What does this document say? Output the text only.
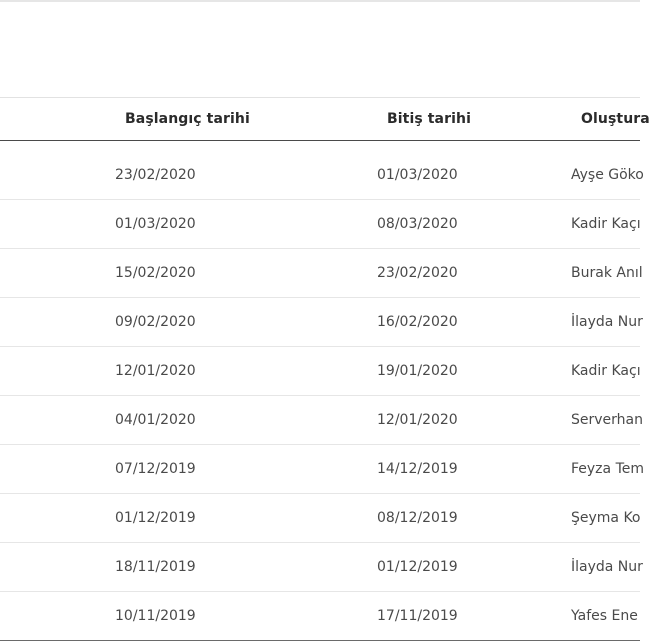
Başlangıç tarihi	Bitiş tarihi	Oluştura
23/02/2020	01/03/2020	Ayşe Göko
01/03/2020	08/03/2020	Kadir Kaçı
15/02/2020	23/02/2020	Burak Anıl
09/02/2020	16/02/2020	İlayda Nur
12/01/2020	19/01/2020	Kadir Kaçı
04/01/2020	12/01/2020	Serverhan
07/12/2019	14/12/2019	Feyza Tem
01/12/2019	08/12/2019	Şeyma Ko
18/11/2019	01/12/2019	İlayda Nur
10/11/2019	17/11/2019	Yafes Ene
